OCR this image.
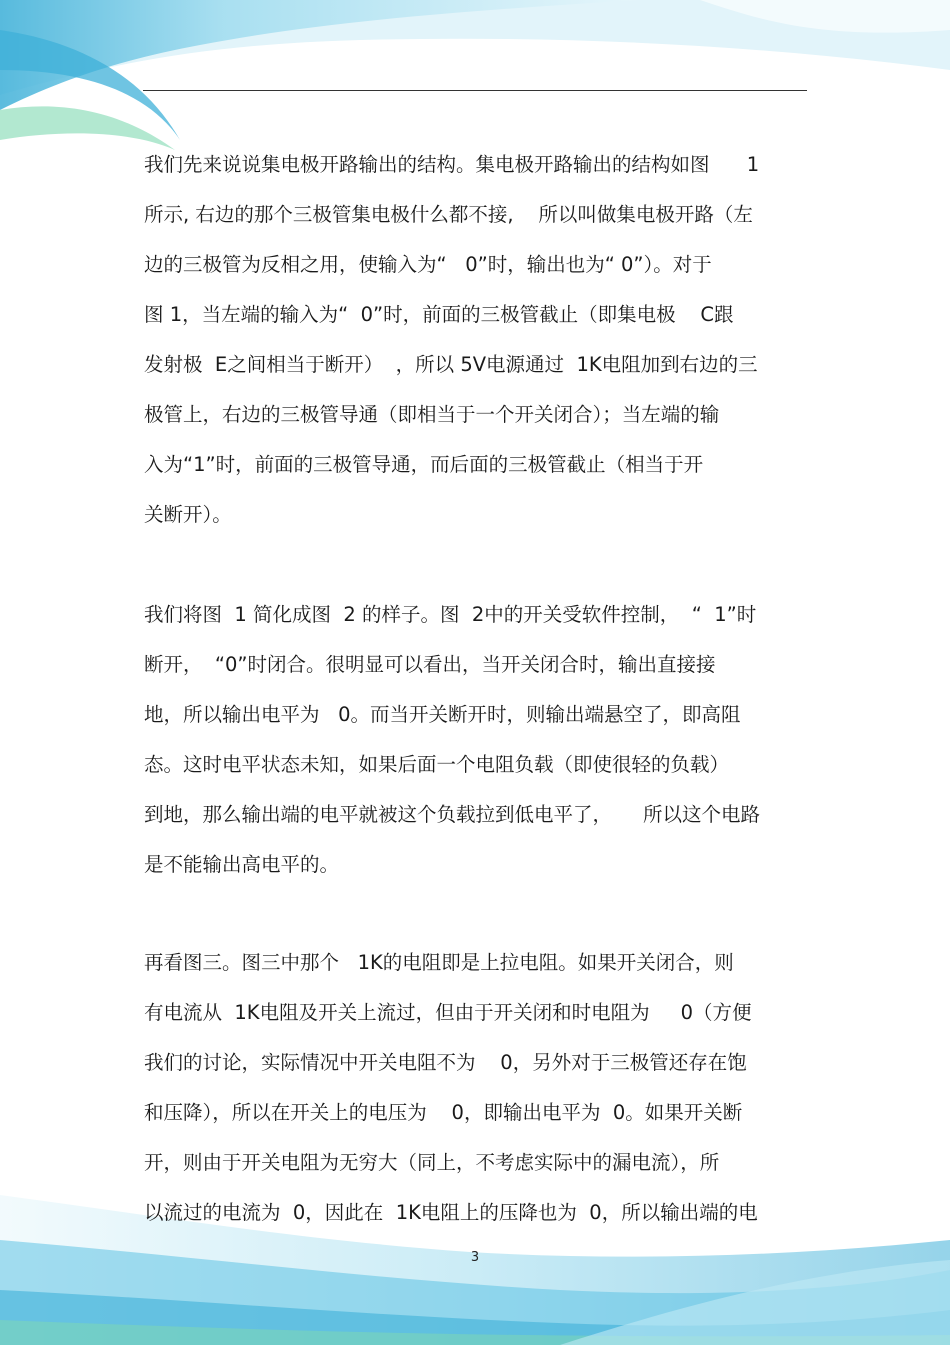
我们先来说说集电极开路输出的结构。集电极开路输出的结构如图      1
所示, 右边的那个三极管集电极什么都不接,    所以叫做集电极开路（左
边的三极管为反相之用，使输入为“   0”时，输出也为“ 0”）。对于
图 1，当左端的输入为“  0”时，前面的三极管截止（即集电极    C跟
发射极  E之间相当于断开）  ，所以 5V电源通过  1K电阻加到右边的三
极管上，右边的三极管导通（即相当于一个开关闭合）；当左端的输
入为“1”时，前面的三极管导通，而后面的三极管截止（相当于开
关断开）。
我们将图  1 简化成图  2 的样子。图  2中的开关受软件控制，  “  1”时
断开，  “0”时闭合。很明显可以看出，当开关闭合时，输出直接接
地，所以输出电平为   0。而当开关断开时，则输出端悬空了，即高阻
态。这时电平状态未知，如果后面一个电阻负载（即使很轻的负载）
到地，那么输出端的电平就被这个负载拉到低电平了，     所以这个电路
是不能输出高电平的。
再看图三。图三中那个   1K的电阻即是上拉电阻。如果开关闭合，则
有电流从  1K电阻及开关上流过，但由于开关闭和时电阻为     0（方便
我们的讨论，实际情况中开关电阻不为    0，另外对于三极管还存在饱
和压降），所以在开关上的电压为    0，即输出电平为  0。如果开关断
开，则由于开关电阻为无穷大（同上，不考虑实际中的漏电流），所
以流过的电流为  0，因此在  1K电阻上的压降也为  0，所以输出端的电
3
